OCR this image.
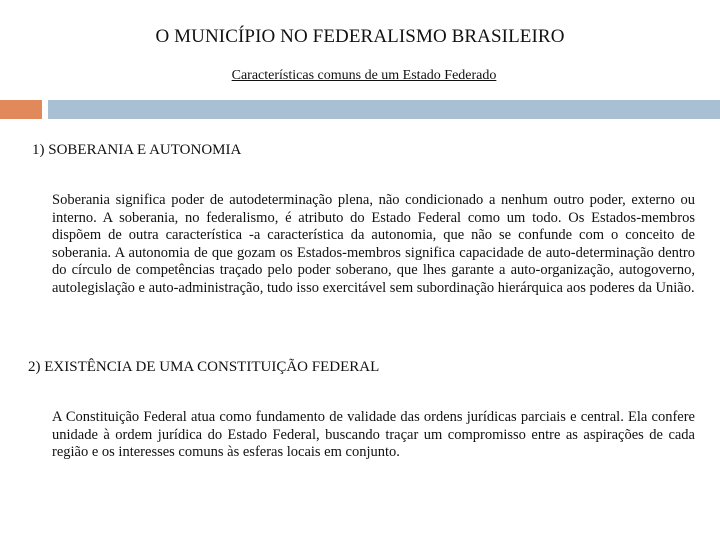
O MUNICÍPIO NO FEDERALISMO BRASILEIRO
Características comuns de um Estado Federado
1) SOBERANIA E AUTONOMIA
Soberania significa poder de autodeterminação plena, não condicionado a nenhum outro poder, externo ou interno. A soberania, no federalismo, é atributo do Estado Federal como um todo. Os Estados-membros dispõem de outra característica -a característica da autonomia, que não se confunde com o conceito de soberania. A autonomia de que gozam os Estados-membros significa capacidade de auto-determinação dentro do círculo de competências traçado pelo poder soberano, que lhes garante a auto-organização, autogoverno, autolegislação e auto-administração, tudo isso exercitável sem subordinação hierárquica aos poderes da União.
2) EXISTÊNCIA DE UMA CONSTITUIÇÃO FEDERAL
A Constituição Federal atua como fundamento de validade das ordens jurídicas parciais e central. Ela confere unidade à ordem jurídica do Estado Federal, buscando traçar um compromisso entre as aspirações de cada região e os interesses comuns às esferas locais em conjunto.
